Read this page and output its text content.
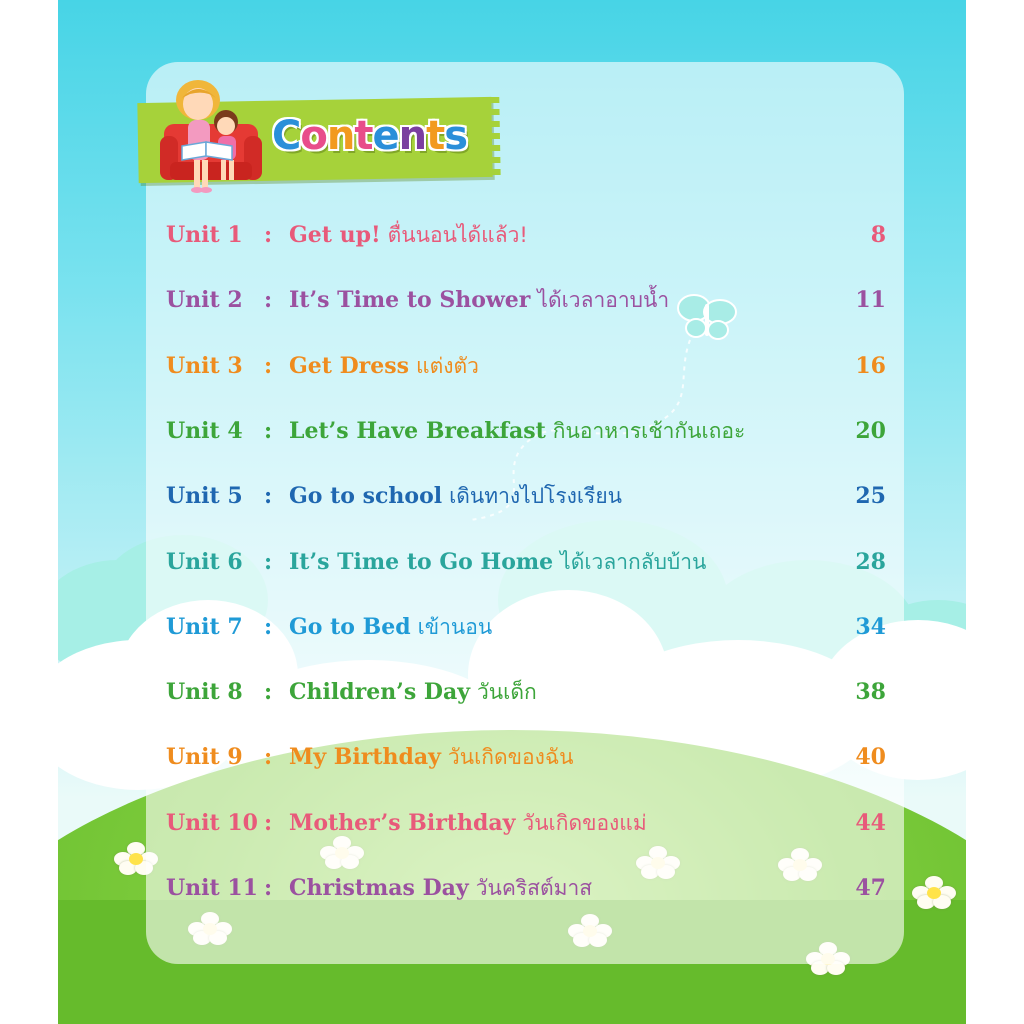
Contents
Unit 1 : Get up! ตื่นนอนได้แล้ว!	8
Unit 2 : It’s Time to Shower ได้เวลาอาบน้ำ	11
Unit 3 : Get Dress แต่งตัว	16
Unit 4 : Let’s Have Breakfast กินอาหารเช้ากันเถอะ	20
Unit 5 : Go to school เดินทางไปโรงเรียน	25
Unit 6 : It’s Time to Go Home ได้เวลากลับบ้าน	28
Unit 7 : Go to Bed เข้านอน	34
Unit 8 : Children’s Day วันเด็ก	38
Unit 9 : My Birthday วันเกิดของฉัน	40
Unit 10 : Mother’s Birthday วันเกิดของแม่	44
Unit 11 : Christmas Day วันคริสต์มาส	47
